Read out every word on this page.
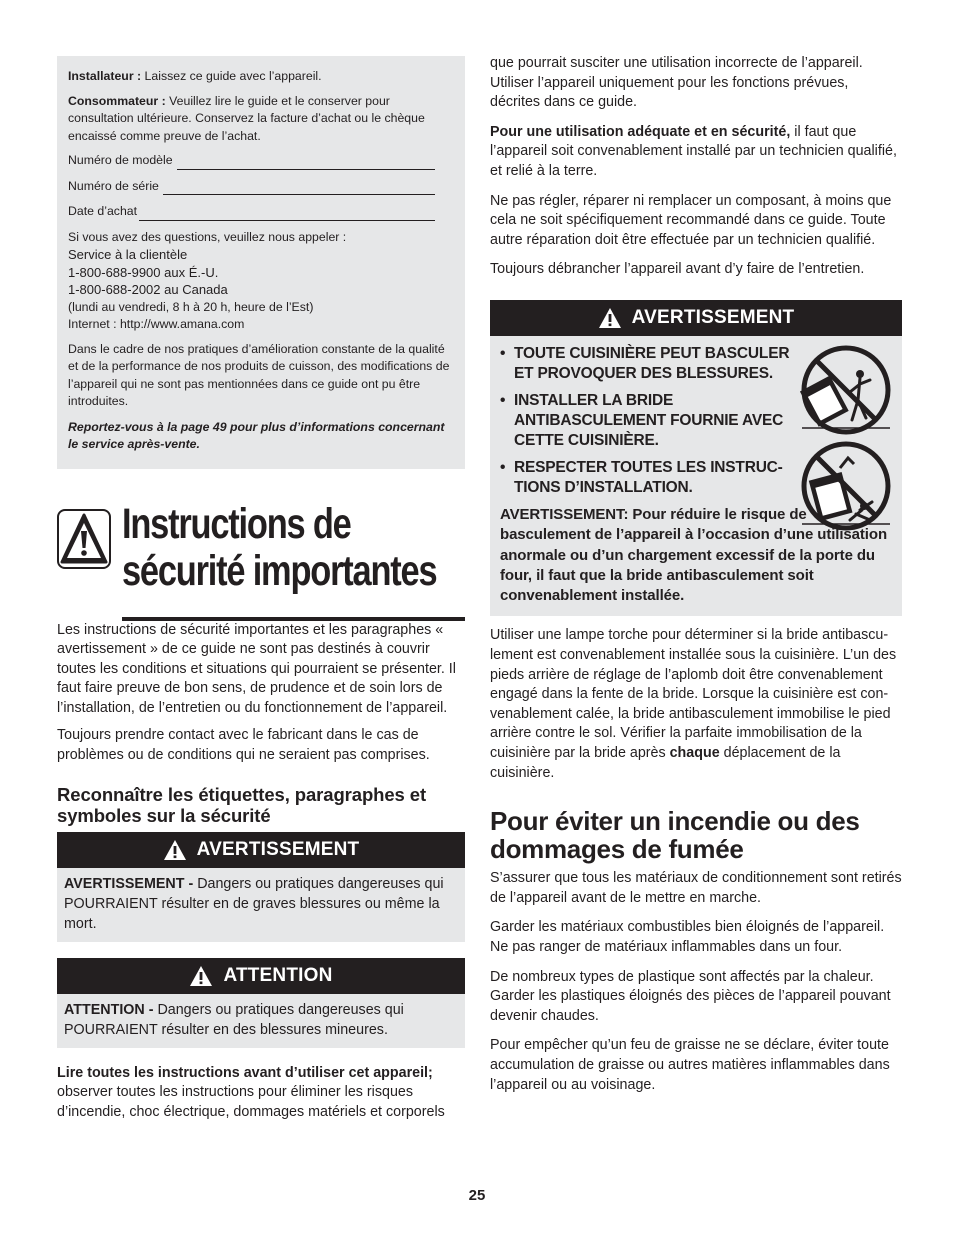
Installateur : Laissez ce guide avec l’appareil.

Consommateur : Veuillez lire le guide et le conserver pour consultation ultérieure. Conservez la facture d’achat ou le chèque encaissé comme preuve de l’achat.

Numéro de modèle
Numéro de série
Date d’achat
Si vous avez des questions, veuillez nous appeler :
Service à la clientèle
1-800-688-9900 aux É.-U.
1-800-688-2002 au Canada
(lundi au vendredi, 8 h à 20 h, heure de l’Est)
Internet : http://www.amana.com

Dans le cadre de nos pratiques d’amélioration constante de la qualité et de la performance de nos produits de cuisson, des modifications de l’appareil qui ne sont pas mentionnées dans ce guide ont pu être introduites.

Reportez-vous à la page 49 pour plus d’informations concernant le service après-vente.

Instructions de
sécurité importantes

Les instructions de sécurité importantes et les paragraphes « avertissement » de ce guide ne sont pas destinés à couvrir toutes les conditions et situations qui pourraient se présenter. Il faut faire preuve de bon sens, de prudence et de soin lors de l’installation, de l’entretien ou du fonctionnement de l’appareil.

Toujours prendre contact avec le fabricant dans le cas de problèmes ou de conditions qui ne seraient pas comprises.

Reconnaître les étiquettes, paragraphes et symboles sur la sécurité
AVERTISSEMENT
AVERTISSEMENT - Dangers ou pratiques dangereuses qui POURRAIENT résulter en de graves blessures ou même la mort.
ATTENTION
ATTENTION - Dangers ou pratiques dangereuses qui POURRAIENT résulter en des blessures mineures.

Lire toutes les instructions avant d’utiliser cet appareil;
observer toutes les instructions pour éliminer les risques d’incendie, choc électrique, dommages matériels et corporels

que pourrait susciter une utilisation incorrecte de l’appareil. Utiliser l’appareil uniquement pour les fonctions prévues, décrites dans ce guide.

Pour une utilisation adéquate et en sécurité, il faut que l’appareil soit convenablement installé par un technicien qualifié, et relié à la terre.

Ne pas régler, réparer ni remplacer un composant, à moins que cela ne soit spécifiquement recommandé dans ce guide. Toute autre réparation doit être effectuée par un technicien qualifié.

Toujours débrancher l’appareil avant d’y faire de l’entretien.

AVERTISSEMENT
• TOUTE CUISINIÈRE PEUT BASCULER ET PROVOQUER DES BLESSURES.
• INSTALLER LA BRIDE ANTIBASCULEMENT FOURNIE AVEC CETTE CUISINIÈRE.
• RESPECTER TOUTES LES INSTRUC-TIONS D’INSTALLATION.
AVERTISSEMENT: Pour réduire le risque de basculement de l’appareil à l’occasion d’une utilisation anormale ou d’un chargement excessif de la porte du four, il faut que la bride antibasculement soit convenablement installée.

Utiliser une lampe torche pour déterminer si la bride antibascu-lement est convenablement installée sous la cuisinière. L’un des pieds arrière de réglage de l’aplomb doit être convenablement engagé dans la fente de la bride. Lorsque la cuisinière est con-venablement calée, la bride antibasculement immobilise le pied arrière contre le sol. Vérifier la parfaite immobilisation de la cuisinière par la bride après chaque déplacement de la cuisinière.

Pour éviter un incendie ou des dommages de fumée

S’assurer que tous les matériaux de conditionnement sont retirés de l’appareil avant de le mettre en marche.

Garder les matériaux combustibles bien éloignés de l’appareil. Ne pas ranger de matériaux inflammables dans un four.

De nombreux types de plastique sont affectés par la chaleur. Garder les plastiques éloignés des pièces de l’appareil pouvant devenir chaudes.

Pour empêcher qu’un feu de graisse ne se déclare, éviter toute accumulation de graisse ou autres matières inflammables dans l’appareil ou au voisinage.

25
